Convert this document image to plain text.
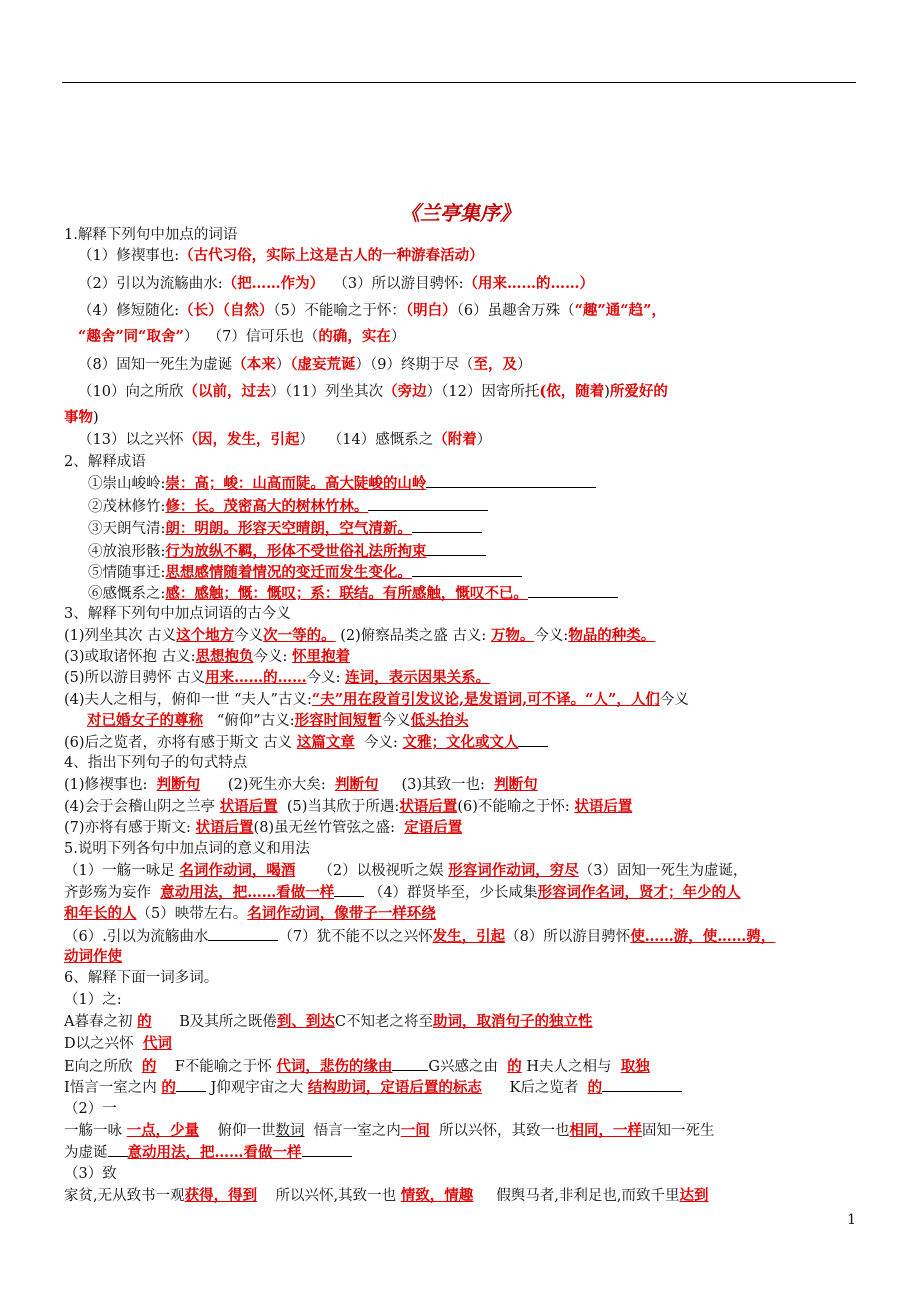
《兰亭集序》
1.解释下列句中加点的词语
（1）修禊事也:（古代习俗，实际上这是古人的一种游春活动）
（2）引以为流觞曲水:（把……作为） （3）所以游目骋怀:（用来……的……）
（4）修短随化:（长）（自然）（5）不能喻之于怀：（明白）（6）虽趣舍万殊（“趣”通“趋”，
“趣舍”同“取舍”） （7）信可乐也（的确，实在）
（8）固知一死生为虚诞（本来）（虚妄荒诞）（9）终期于尽（至，及）
（10）向之所欣（以前，过去）（11）列坐其次（旁边）（12）因寄所托(依，随着)所爱好的
事物)
（13）以之兴怀（因，发生，引起） （14）感慨系之（附着）
2、解释成语
①崇山峻岭:崇：高；峻：山高而陡。高大陡峻的山岭
②茂林修竹:修：长。茂密高大的树林竹林。
③天朗气清:朗：明朗。形容天空晴朗，空气清新。
④放浪形骸:行为放纵不羁，形体不受世俗礼法所拘束
⑤情随事迁:思想感情随着情况的变迁而发生变化。
⑥感慨系之:感：感触；慨：慨叹；系：联结。有所感触，慨叹不已。
3、解释下列句中加点词语的古今义
(1)列坐其次 古义这个地方今义次一等的。 (2)俯察品类之盛 古义: 万物。今义:物品的种类。
(3)或取诸怀抱 古义:思想抱负今义: 怀里抱着
(5)所以游目骋怀 古义用来……的……今义: 连词，表示因果关系。
(4)夫人之相与，俯仰一世 “夫人”古义:“夫”用在段首引发议论,是发语词,可不译。“人”，人们今义
对已婚女子的尊称 “俯仰”古义:形容时间短暂今义低头抬头
(6)后之览者，亦将有感于斯文 古义 这篇文章 今义: 文雅；文化或文人
4、指出下列句子的句式特点
(1)修禊事也: 判断句 (2)死生亦大矣: 判断句 (3)其致一也: 判断句
(4)会于会稽山阴之兰亭 状语后置 (5)当其欣于所遇:状语后置(6)不能喻之于怀: 状语后置
(7)亦将有感于斯文: 状语后置(8)虽无丝竹管弦之盛: 定语后置
5.说明下列各句中加点词的意义和用法
（1）一觞一咏足 名词作动词，喝酒 （2）以极视听之娱 形容词作动词，穷尽（3）固知一死生为虚诞，
齐彭殇为妄作 意动用法，把……看做一样 （4）群贤毕至，少长咸集形容词作名词，贤才；年少的人
和年长的人（5）映带左右。名词作动词，像带子一样环绕
（6）.引以为流觞曲水	（7）犹不能不以之兴怀发生，引起（8）所以游目骋怀使……游，使……骋，
动词作使
6、解释下面一词多词。
（1）之:
A暮春之初 的 B及其所之既倦到、到达C不知老之将至助词，取消句子的独立性
D以之兴怀 代词
E向之所欣 的 F不能喻之于怀 代词，悲伤的缘由 G兴感之由 的 H夫人之相与 取独
I悟言一室之内 的 J仰观宇宙之大 结构助词，定语后置的标志 K后之览者 的
（2）一
一觞一咏 一点，少量 俯仰一世数词 悟言一室之内一间 所以兴怀，其致一也相同，一样固知一死生
为虚诞 意动用法，把……看做一样
（3）致
家贫,无从致书一观获得，得到 所以兴怀,其致一也 情致，情趣 假舆马者,非利足也,而致千里达到
1
